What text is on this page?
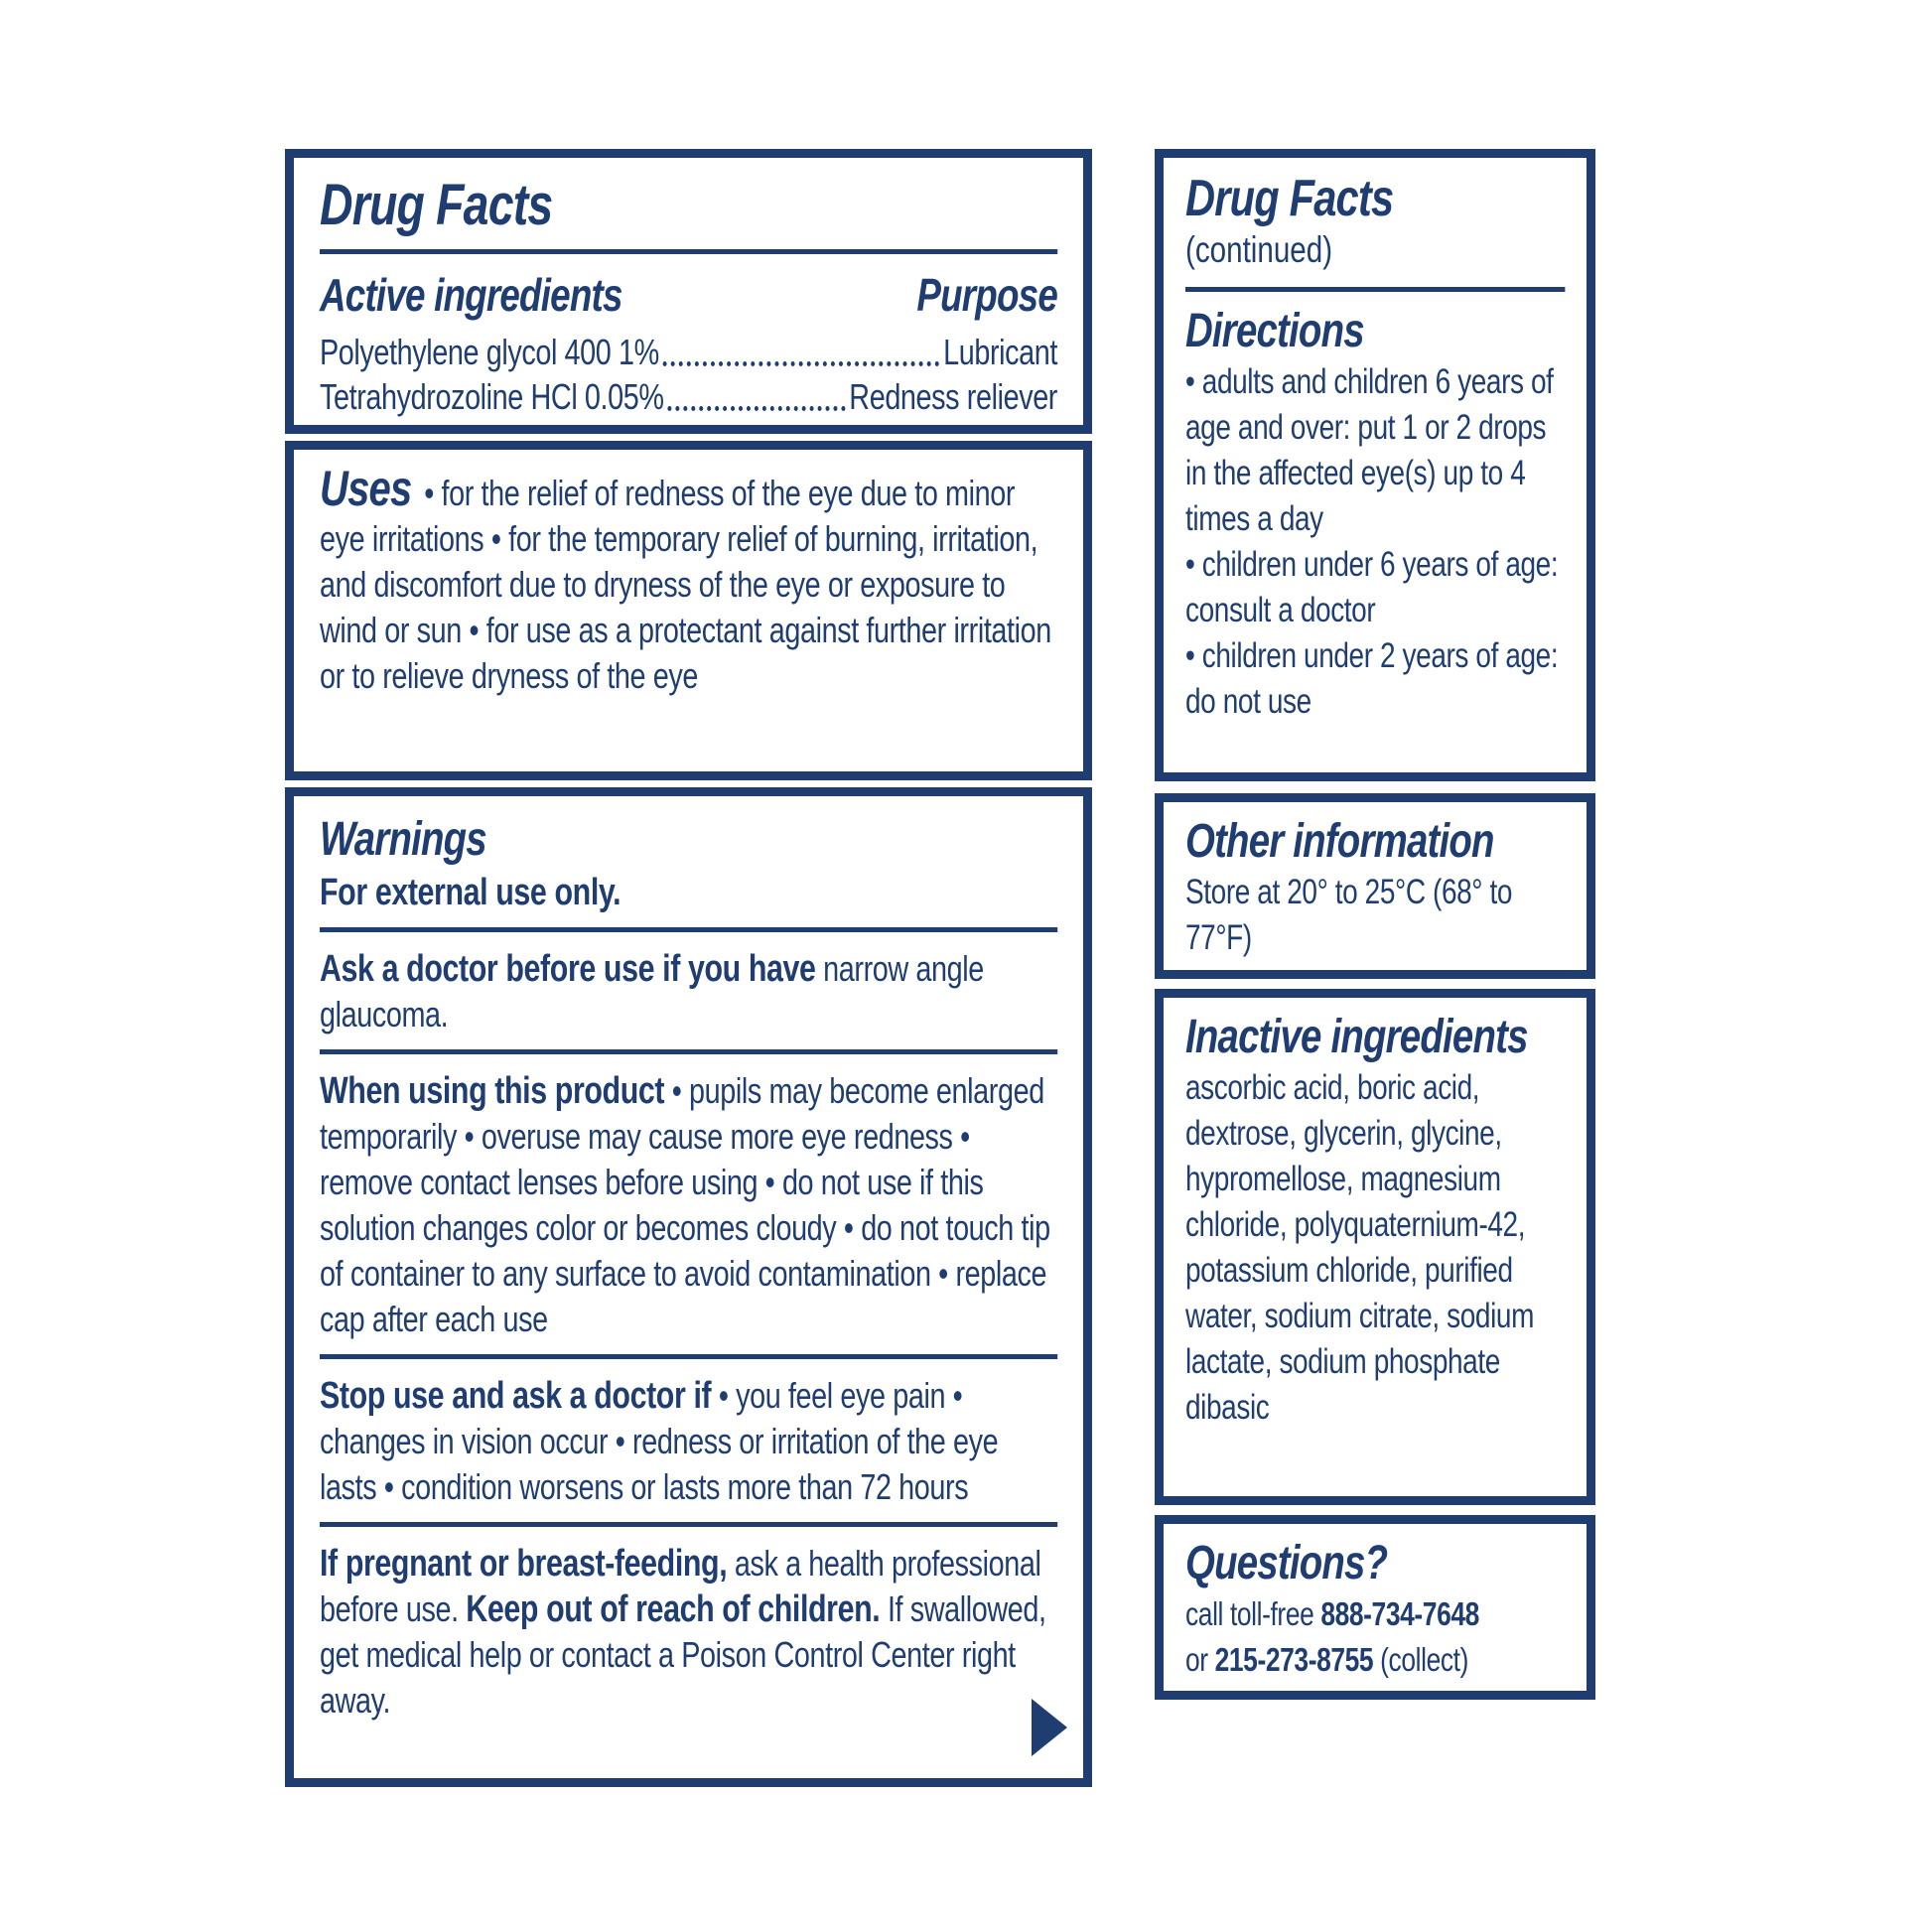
Drug Facts
Active ingredients	Purpose
Polyethylene glycol 400 1%	Lubricant
Tetrahydrozoline HCl 0.05%	Redness reliever

Uses • for the relief of redness of the eye due to minor eye irritations • for the temporary relief of burning, irritation, and discomfort due to dryness of the eye or exposure to wind or sun • for use as a protectant against further irritation or to relieve dryness of the eye

Warnings
For external use only.

Ask a doctor before use if you have narrow angle glaucoma.

When using this product • pupils may become enlarged temporarily • overuse may cause more eye redness • remove contact lenses before using • do not use if this solution changes color or becomes cloudy • do not touch tip of container to any surface to avoid contamination • replace cap after each use

Stop use and ask a doctor if • you feel eye pain • changes in vision occur • redness or irritation of the eye lasts • condition worsens or lasts more than 72 hours

If pregnant or breast-feeding, ask a health professional before use. Keep out of reach of children. If swallowed, get medical help or contact a Poison Control Center right away.

Drug Facts
(continued)
Directions
• adults and children 6 years of age and over: put 1 or 2 drops in the affected eye(s) up to 4 times a day
• children under 6 years of age: consult a doctor
• children under 2 years of age: do not use
Other information
Store at 20° to 25°C (68° to 77°F)
Inactive ingredients
ascorbic acid, boric acid, dextrose, glycerin, glycine, hypromellose, magnesium chloride, polyquaternium-42, potassium chloride, purified water, sodium citrate, sodium lactate, sodium phosphate dibasic
Questions?
call toll-free 888-734-7648
or 215-273-8755 (collect)
